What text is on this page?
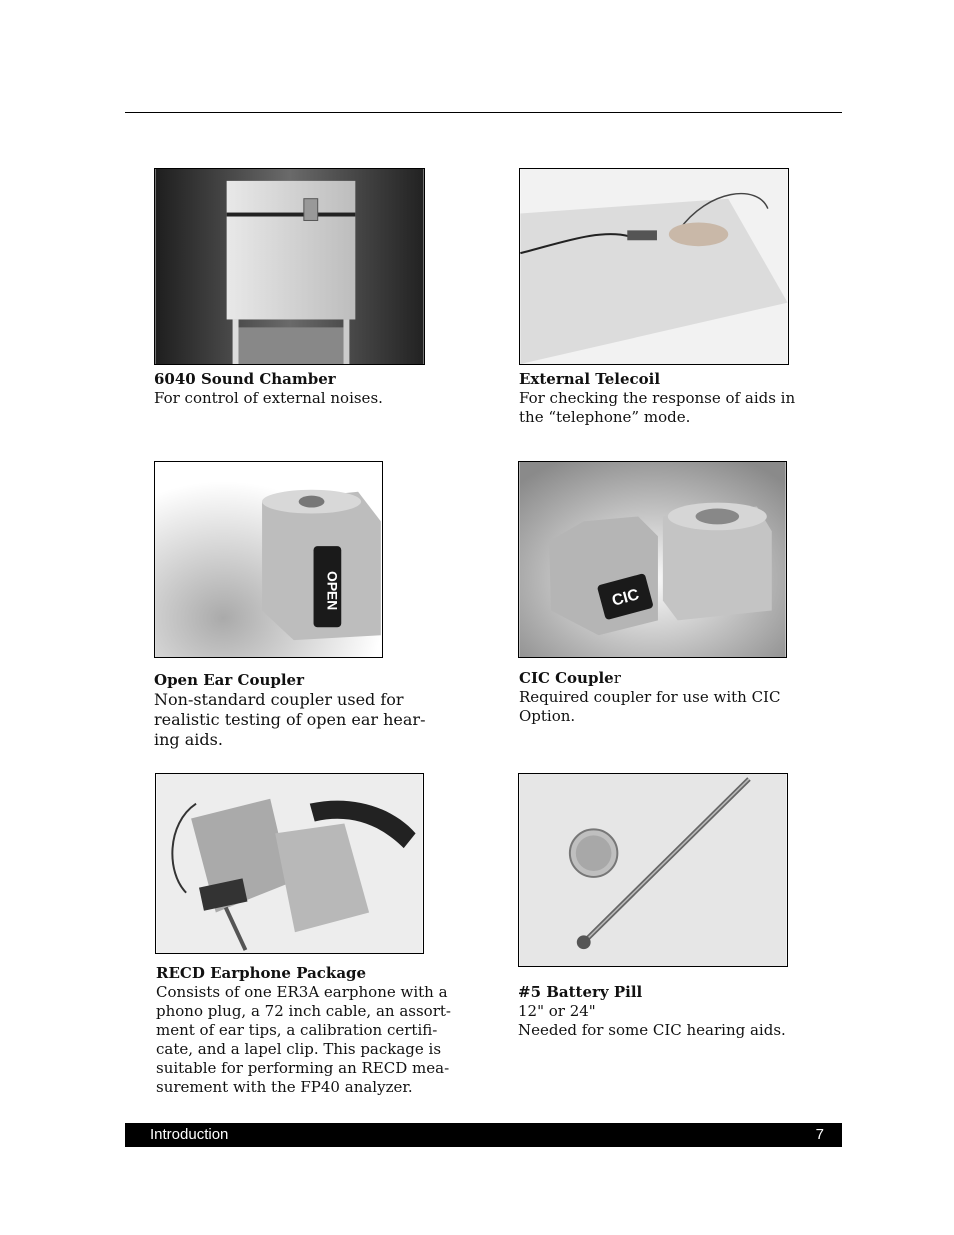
6040 Sound Chamber
For control of external noises.
External Telecoil
For checking the response of aids in
the “telephone” mode.
OPEN
Open Ear Coupler
Non-standard coupler used for
realistic testing of open ear hear-
ing aids.
CIC
CIC Coupler
Required coupler for use with CIC
Option.
RECD Earphone Package
Consists of one ER3A earphone with a
phono plug, a 72 inch cable, an assort-
ment of ear tips, a calibration certifi-
cate, and a lapel clip. This package is
suitable for performing an RECD mea-
surement with the FP40 analyzer.
#5 Battery Pill
12" or 24"
Needed for some CIC hearing aids.
Introduction	7
